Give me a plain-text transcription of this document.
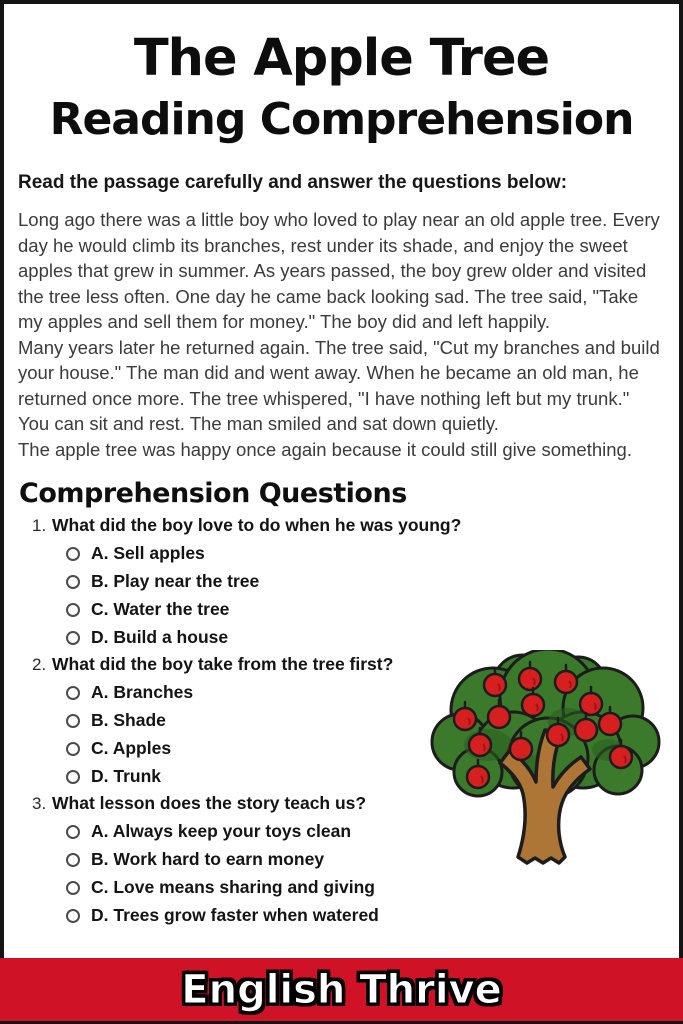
The Apple Tree
Reading Comprehension

Read the passage carefully and answer the questions below:

Long ago there was a little boy who loved to play near an old apple tree. Every day he would climb its branches, rest under its shade, and enjoy the sweet apples that grew in summer. As years passed, the boy grew older and visited the tree less often. One day he came back looking sad. The tree said, "Take my apples and sell them for money." The boy did and left happily.

Many years later he returned again. The tree said, "Cut my branches and build your house." The man did and went away. When he became an old man, he returned once more. The tree whispered, "I have nothing left but my trunk." You can sit and rest. The man smiled and sat down quietly.

The apple tree was happy once again because it could still give something.

Comprehension Questions
1. What did the boy love to do when he was young?
A. Sell apples
B. Play near the tree
C. Water the tree
D. Build a house
2. What did the boy take from the tree first?
A. Branches
B. Shade
C. Apples
D. Trunk
3. What lesson does the story teach us?
A. Always keep your toys clean
B. Work hard to earn money
C. Love means sharing and giving
D. Trees grow faster when watered
English Thrive
